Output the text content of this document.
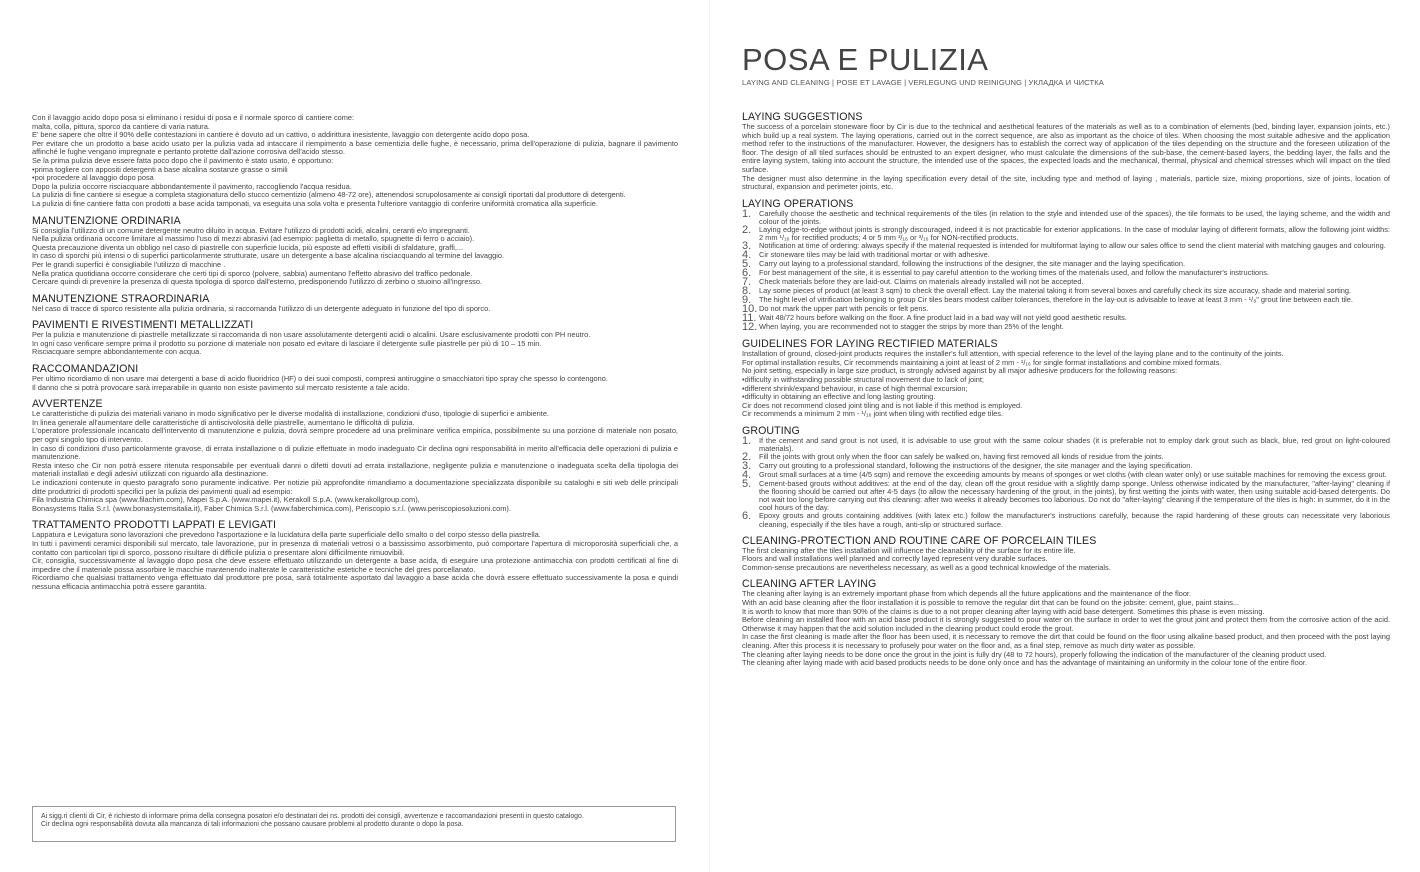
Con il lavaggio acido dopo posa si eliminano i residui di posa e il normale sporco di cantiere come:

malta, colla, pittura, sporco da cantiere di varia natura.

E' bene sapere che oltre il 90% delle contestazioni in cantiere è dovuto ad un cattivo, o addirittura inesistente, lavaggio con detergente acido dopo posa.

Per evitare che un prodotto a base acido usato per la pulizia vada ad intaccare il riempimento a base cementizia delle fughe, è necessario, prima dell'operazione di pulizia, bagnare il pavimento affinché le fughe vengano impregnate e pertanto protette dall'azione corrosiva dell'acido stesso.

Se la prima pulizia deve essere fatta poco dopo che il pavimento è stato usato, è opportuno:

• prima togliere con appositi detergenti a base alcalina sostanze grasse o simili

• poi procedere al lavaggio dopo posa

Dopo la pulizia occorre risciacquare abbondantemente il pavimento, raccogliendo l'acqua residua.

La pulizia di fine cantiere si esegue a completa stagionatura dello stucco cementizio (almeno 48-72 ore), attenendosi scrupolosamente ai consigli riportati dal produttore di detergenti.

La pulizia di fine cantiere fatta con prodotti a base acida tamponati, va eseguita una sola volta e presenta l'ulteriore vantaggio di conferire uniformità cromatica alla superficie.

MANUTENZIONE ORDINARIA

Si consiglia l'utilizzo di un comune detergente neutro diluito in acqua. Evitare l'utilizzo di prodotti acidi, alcalini, ceranti e/o impregnanti.

Nella pulizia ordinaria occorre limitare al massimo l'uso di mezzi abrasivi (ad esempio: paglietta di metallo, spugnette di ferro o acciaio).

Questa precauzione diventa un obbligo nel caso di piastrelle con superficie lucida, più esposte ad effetti visibili di sfaldature, graffi,...

In caso di sporchi più intensi o di superfici particolarmente strutturate, usare un detergente a base alcalina risciacquando al termine del lavaggio.

Per le grandi superfici è consigliabile l'utilizzo di macchine .

Nella pratica quotidiana occorre considerare che certi tipi di sporco (polvere, sabbia) aumentano l'effetto abrasivo del traffico pedonale.

Cercare quindi di prevenire la presenza di questa tipologia di sporco dall'esterno, predisponendo l'utilizzo di zerbino o stuoino all'ingresso.

MANUTENZIONE STRAORDINARIA

Nel caso di tracce di sporco resistente alla pulizia ordinaria, si raccomanda l'utilizzo di un detergente adeguato in funzione del tipo di sporco.

PAVIMENTI E RIVESTIMENTI METALLIZZATI

Per la pulizia e manutenzione di piastrelle metallizzate si raccomanda di non usare assolutamente detergenti acidi o alcalini. Usare esclusivamente prodotti con PH neutro.

In ogni caso verificare sempre prima il prodotto su porzione di materiale non posato ed evitare di lasciare il detergente sulle piastrelle per più di 10 – 15 min.

Risciacquare sempre abbondantemente con acqua.

RACCOMANDAZIONI

Per ultimo ricordiamo di non usare mai detergenti a base di acido fluoridrico (HF) o dei suoi composti, compresi antiruggine o smacchiatori tipo spray che spesso lo contengono.

Il danno che si potrà provocare sarà irreparabile in quanto non esiste pavimento sul mercato resistente a tale acido.

AVVERTENZE

Le caratteristiche di pulizia dei materiali variano in modo significativo per le diverse modalità di installazione, condizioni d'uso, tipologie di superfici e ambiente.

In linea generale all'aumentare delle caratteristiche di antiscivolosità delle piastrelle, aumentano le difficoltà di pulizia.

L'operatore professionale incaricato dell'intervento di manutenzione e pulizia, dovrà sempre procedere ad una preliminare verifica empirica, possibilmente su una porzione di materiale non posato, per ogni singolo tipo di intervento.

In caso di condizioni d'uso particolarmente gravose, di errata installazione o di pulizie effettuate in modo inadeguato Cir declina ogni responsabilità in merito all'efficacia delle operazioni di pulizia e manutenzione.

Resta inteso che Cir non potrà essere ritenuta responsabile per eventuali danni o difetti dovuti ad errata installazione, negligente pulizia e manutenzione o inadeguata scelta della tipologia dei materiali installati e degli adesivi utilizzati con riguardo alla destinazione.

Le indicazioni contenute in questo paragrafo sono puramente indicative. Per notizie più approfondite rimandiamo a documentazione specializzata disponibile su cataloghi e siti web delle principali ditte produttrici di prodotti specifici per la pulizia dei pavimenti quali ad esempio:

Fila Industria Chimica spa (www.filachim.com), Mapei S.p.A. (www.mapei.it), Kerakoll S.p.A. (www.kerakollgroup.com),

Bonasystems Italia S.r.l. (www.bonasystemsitalia.it), Faber Chimica S.r.l. (www.faberchimica.com), Periscopio s.r.l. (www.periscopiosoluzioni.com).

TRATTAMENTO PRODOTTI LAPPATI E LEVIGATI

Lappatura e Levigatura sono lavorazioni che prevedono l'asportazione e la lucidatura della parte superficiale dello smalto o del corpo stesso della piastrella.

In tutti i pavimenti ceramici disponibili sul mercato, tale lavorazione, pur in presenza di materiali vetrosi o a bassissimo assorbimento, può comportare l'apertura di microporosità superficiali che, a contatto con particolari tipi di sporco, possono risultare di difficile pulizia o presentare aloni difficilmente rimuovibili.

Cir, consiglia, successivamente al lavaggio dopo posa che deve essere effettuato utilizzando un detergente a base acida, di eseguire una protezione antimacchia con prodotti certificati al fine di impedire che il materiale possa assorbire le macchie mantenendo inalterate le caratteristiche estetiche e tecniche del gres porcellanato.

Ricordiamo che qualsiasi trattamento venga effettuato dal produttore pre posa, sarà totalmente asportato dal lavaggio a base acida che dovrà essere effettuato successivamente la posa e quindi nessuna efficacia antimacchia potrà essere garantita.

Ai sigg.ri clienti di Cir, è richiesto di informare prima della consegna posatori e/o destinatari dei ns. prodotti dei consigli, avvertenze e raccomandazioni presenti in questo catalogo.

Cir declina ogni responsabilità dovuta alla mancanza di tali informazioni che possano causare problemi al prodotto durante o dopo la posa.

POSA E PULIZIA

LAYING AND CLEANING | POSE ET LAVAGE | VERLEGUNG UND REINIGUNG | УКЛАДКА И ЧИСТКА

LAYING SUGGESTIONS

The success of a porcelain stoneware floor by Cir is due to the technical and aesthetical features of the materials as well as to a combination of elements (bed, binding layer, expansion joints, etc.) which build up a real system. The laying operations, carried out in the correct sequence, are also as important as the choice of tiles. When choosing the most suitable adhesive and the application method refer to the instructions of the manufacturer. However, the designers has to establish the correct way of application of the tiles depending on the structure and the foreseen utilization of the floor. The design of all tiled surfaces should be entrusted to an expert designer, who must calculate the dimensions of the sub-base, the cement-based layers, the bedding layer, the falls and the entire laying system, taking into account the structure, the intended use of the spaces, the expected loads and the mechanical, thermal, physical and chemical stresses which will impact on the tiled surface.

The designer must also determine in the laying specification every detail of the site, including type and method of laying , materials, particle size, mixing proportions, size of joints, location of structural, expansion and perimeter joints, etc.

LAYING OPERATIONS
1.	Carefully choose the aesthetic and technical requirements of the tiles (in relation to the style and intended use of the spaces), the tile formats to be used, the laying scheme, and the width and colour of the joints.
2.	Laying edge-to-edge without joints is strongly discouraged, indeed it is not practicable for exterior applications. In the case of modular laying of different formats, allow the following joint widths: 2 mm ¹/₁₆ for rectified products; 4 or 5 mm ³/₁₆ or ³/₁₆ for NON-rectified products.
3.	Notification at time of ordering: always specify if the material requested is intended for multiformat laying to allow our sales office to send the client material with matching gauges and colouring.
4.	Cir stoneware tiles may be laid with traditional mortar or with adhesive.
5.	Carry out laying to a professional standard, following the instructions of the designer, the site manager and the laying specification.
6.	For best management of the site, it is essential to pay careful attention to the working times of the materials used, and follow the manufacturer's instructions.
7.	Check materials before they are laid-out. Claims on materials already installed will not be accepted.
8.	Lay some pieces of product (at least 3 sqm) to check the overall effect. Lay the material taking it from several boxes and carefully check its size accuracy, shade and material sorting.
9.	The hight level of vitrification belonging to group Cir tiles bears modest caliber tolerances, therefore in the lay-out is advisable to leave at least 3 mm - ¹/₈" grout line between each tile.
10. Do not mark the upper part with pencils or felt pens.
11. Wait 48/72 hours before walking on the floor. A fine product laid in a bad way will not yield good aesthetic results.
12. When laying, you are recommended not to stagger the strips by more than 25% of the lenght.
GUIDELINES FOR LAYING RECTIFIED MATERIALS

Installation of ground, closed-joint products requires the installer's full attention, with special reference to the level of the laying plane and to the continuity of the joints.

For optimal installation results, Cir recommends maintaining a joint at least of 2 mm - ¹/₁₆ for single format installations and combine mixed formats.

No joint setting, especially in large size product, is strongly advised against by all major adhesive producers for the following reasons:

• difficulty in withstanding possible structural movement due to lack of joint;

• different shrink/expand behaviour, in case of high thermal excursion;

• difficulty in obtaining an effective and long lasting grouting.

Cir does not recommend closed joint tiling and is not liable if this method is employed.

Cir recommends a minimum 2 mm - ¹/₁₆ joint when tiling with rectified edge tiles.

GROUTING
1.	If the cement and sand grout is not used, it is advisable to use grout with the same colour shades (it is preferable not to employ dark grout such as black, blue, red grout on light-coloured materials).
2.	Fill the joints with grout only when the floor can safely be walked on, having first removed all kinds of residue from the joints.
3.	Carry out grouting to a professional standard, following the instructions of the designer, the site manager and the laying specification.
4.	Grout small surfaces at a time (4/5 sqm) and remove the exceeding amounts by means of sponges or wet cloths (with clean water only) or use suitable machines for removing the excess grout.
5.	Cement-based grouts without additives: at the end of the day, clean off the grout residue with a slightly damp sponge. Unless otherwise indicated by the manufacturer, "after-laying" cleaning if the flooring should be carried out after 4-5 days (to allow the necessary hardening of the grout, in the joints), by first wetting the joints with water, then using suitable acid-based detergents. Do not wait too long before carrying out this cleaning: after two weeks it already becomes too laborious. Do not do "after-laying" cleaning if the temperature of the tiles is high: in summer, do it in the cool hours of the day.
6.	Epoxy grouts and grouts containing additives (with latex etc.) follow the manufacturer's instructions carefully, because the rapid hardening of these grouts can necessitate very laborious cleaning, especially if the tiles have a rough, anti-slip or structured surface.
CLEANING-PROTECTION AND ROUTINE CARE OF PORCELAIN TILES

The first cleaning after the tiles installation will influence the cleanability of the surface for its entire life.

Floors and wall installations well planned and correctly layed represent very durable surfaces.

Common-sense precautions are nevertheless necessary, as well as a good technical knowledge of the materials.

CLEANING AFTER LAYING

The cleaning after laying is an extremely important phase from which depends all the future applications and the maintenance of the floor.

With an acid base cleaning after the floor installation it is possible to remove the regular dirt that can be found on the jobsite: cement, glue, paint stains...

It is worth to know that more than 90% of the claims is due to a not proper cleaning after laying with acid base detergent. Sometimes this phase is even missing.

Before cleaning an installed floor with an acid base product it is strongly suggested to pour water on the surface in order to wet the grout joint and protect them from the corrosive action of the acid. Otherwise it may happen that the acid solution included in the cleaning product could erode the grout.

In case the first cleaning is made after the floor has been used, it is necessary to remove the dirt that could be found on the floor using alkaline based product, and then proceed with the post laying cleaning. After this process it is necessary to profusely pour water on the floor and, as a final step, remove as much dirty water as possible.

The cleaning after laying needs to be done once the grout in the joint is fully dry (48 to 72 hours), properly following the indication of the manufacturer of the cleaning product used.

The cleaning after laying made with acid based products needs to be done only once and has the advantage of maintaining an uniformity in the colour tone of the entire floor.
